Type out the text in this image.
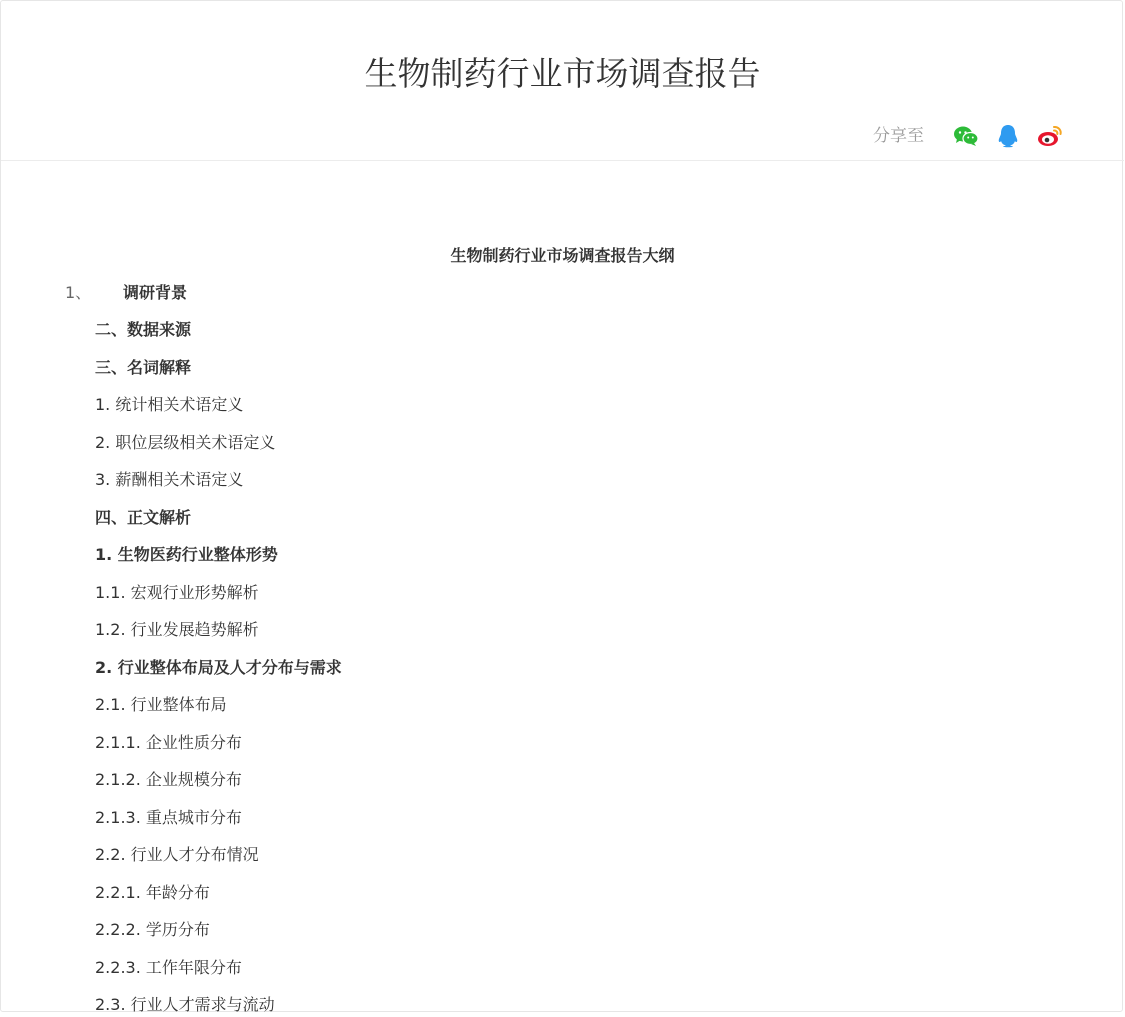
生物制药行业市场调查报告
分享至
生物制药行业市场调查报告大纲
1、 调研背景
二、数据来源
三、名词解释
1. 统计相关术语定义
2. 职位层级相关术语定义
3. 薪酬相关术语定义
四、正文解析
1. 生物医药行业整体形势
1.1. 宏观行业形势解析
1.2. 行业发展趋势解析
2. 行业整体布局及人才分布与需求
2.1. 行业整体布局
2.1.1. 企业性质分布
2.1.2. 企业规模分布
2.1.3. 重点城市分布
2.2. 行业人才分布情况
2.2.1. 年龄分布
2.2.2. 学历分布
2.2.3. 工作年限分布
2.3. 行业人才需求与流动
